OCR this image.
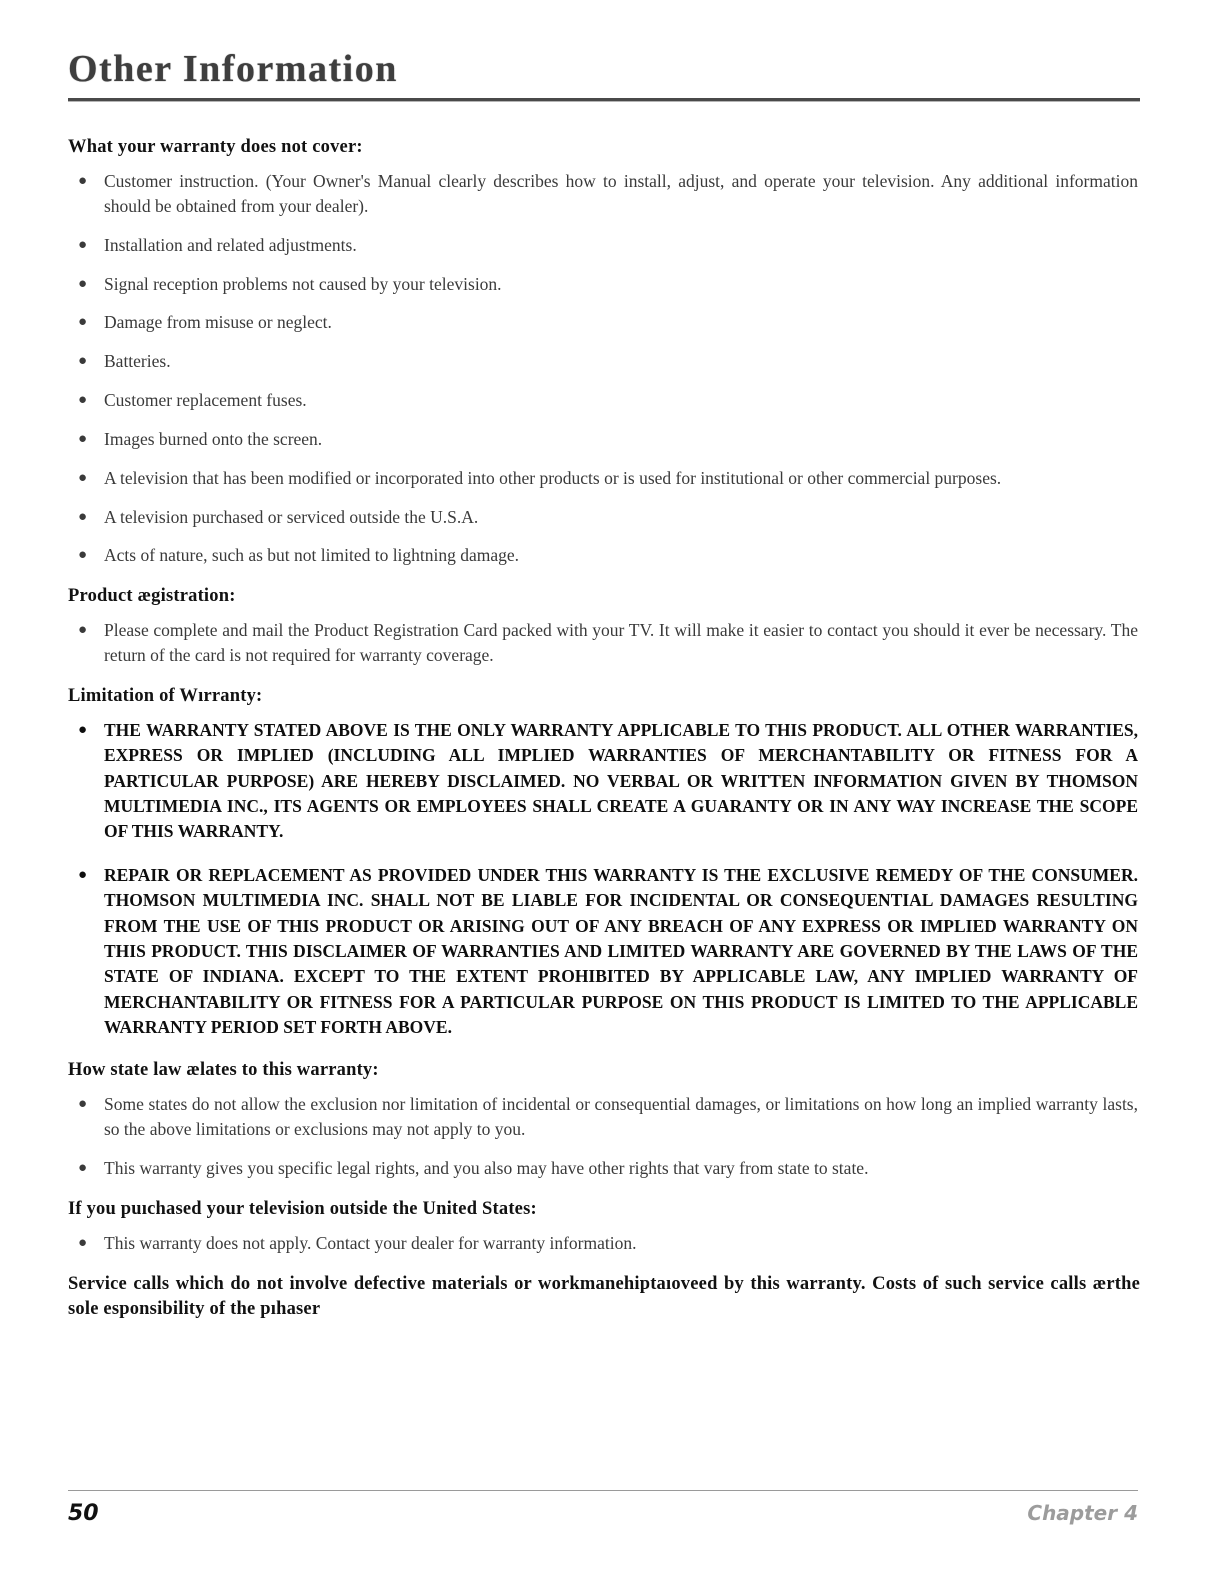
Other Information
What your warranty does not cover:
● Customer instruction. (Your Owner's Manual clearly describes how to install, adjust, and operate your television. Any additional information should be obtained from your dealer).
● Installation and related adjustments.
● Signal reception problems not caused by your television.
● Damage from misuse or neglect.
● Batteries.
● Customer replacement fuses.
● Images burned onto the screen.
● A television that has been modified or incorporated into other products or is used for institutional or other commercial purposes.
● A television purchased or serviced outside the U.S.A.
● Acts of nature, such as but not limited to lightning damage.
Product ægistration:
● Please complete and mail the Product Registration Card packed with your TV. It will make it easier to contact you should it ever be necessary. The return of the card is not required for warranty coverage.
Limitation of Wırranty:
● THE WARRANTY STATED ABOVE IS THE ONLY WARRANTY APPLICABLE TO THIS PRODUCT. ALL OTHER WARRANTIES, EXPRESS OR IMPLIED (INCLUDING ALL IMPLIED WARRANTIES OF MERCHANTABILITY OR FITNESS FOR A PARTICULAR PURPOSE) ARE HEREBY DISCLAIMED. NO VERBAL OR WRITTEN INFORMATION GIVEN BY THOMSON MULTIMEDIA INC., ITS AGENTS OR EMPLOYEES SHALL CREATE A GUARANTY OR IN ANY WAY INCREASE THE SCOPE OF THIS WARRANTY.
● REPAIR OR REPLACEMENT AS PROVIDED UNDER THIS WARRANTY IS THE EXCLUSIVE REMEDY OF THE CONSUMER. THOMSON MULTIMEDIA INC. SHALL NOT BE LIABLE FOR INCIDENTAL OR CONSEQUENTIAL DAMAGES RESULTING FROM THE USE OF THIS PRODUCT OR ARISING OUT OF ANY BREACH OF ANY EXPRESS OR IMPLIED WARRANTY ON THIS PRODUCT. THIS DISCLAIMER OF WARRANTIES AND LIMITED WARRANTY ARE GOVERNED BY THE LAWS OF THE STATE OF INDIANA. EXCEPT TO THE EXTENT PROHIBITED BY APPLICABLE LAW, ANY IMPLIED WARRANTY OF MERCHANTABILITY OR FITNESS FOR A PARTICULAR PURPOSE ON THIS PRODUCT IS LIMITED TO THE APPLICABLE WARRANTY PERIOD SET FORTH ABOVE.
How state law ælates to this warranty:
● Some states do not allow the exclusion nor limitation of incidental or consequential damages, or limitations on how long an implied warranty lasts, so the above limitations or exclusions may not apply to you.
● This warranty gives you specific legal rights, and you also may have other rights that vary from state to state.
If you puıchased your television outside the United States:
● This warranty does not apply. Contact your dealer for warranty information.
Service calls which do not involve defective materials or workmanеhiptaıoveеd by this warranty. Costs of such service calls ærthe sole еsponsibility of the pıhaser
50	Chapter 4
